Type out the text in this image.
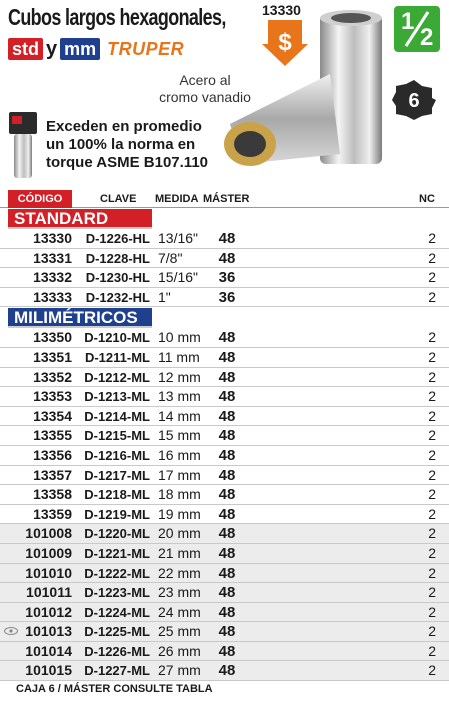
Cubos largos hexagonales,
std y mm TRUPER
13330
$
1
2
6
Acero al
cromo vanadio
Exceden en promedio
un 100% la norma en
torque ASME B107.110
CÓDIGO	CLAVE MEDIDA MÁSTER	NC
STANDARD
13330	D-1226-HL 13/16"	48	2
13331	D-1228-HL 7/8"	48	2
13332	D-1230-HL 15/16"	36	2
13333	D-1232-HL 1"	36	2
MILIMÉTRICOS
13350 D-1210-ML 10 mm	48	2
13351 D-1211-ML 11 mm	48	2
13352 D-1212-ML 12 mm	48	2
13353 D-1213-ML 13 mm	48	2
13354 D-1214-ML 14 mm	48	2
13355 D-1215-ML 15 mm	48	2
13356 D-1216-ML 16 mm	48	2
13357 D-1217-ML 17 mm	48	2
13358 D-1218-ML 18 mm	48	2
13359 D-1219-ML 19 mm	48	2
101008 D-1220-ML 20 mm	48	2
101009 D-1221-ML 21 mm	48	2
101010 D-1222-ML 22 mm	48	2
101011 D-1223-ML 23 mm	48	2
101012 D-1224-ML 24 mm	48	2
101013 D-1225-ML 25 mm	48	2
101014 D-1226-ML 26 mm	48	2
101015 D-1227-ML 27 mm	48	2
CAJA 6 / MÁSTER CONSULTE TABLA
